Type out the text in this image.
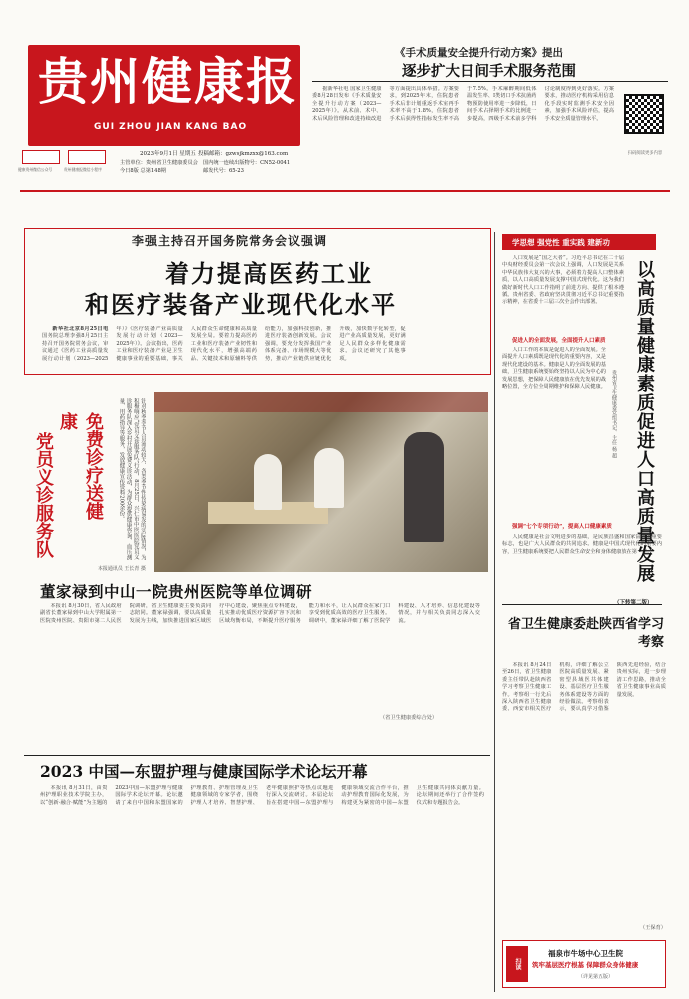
贵州健康报
GUI ZHOU JIAN KANG BAO
健康贵州微信公众号	贵州健康报微信小程序
2023年9月1日 星期五 投稿邮箱：gzwsjkmzxx@163.com
主管单位：贵州省卫生健康委员会
今日8版 总第148期
国内统一连续出版物号：CN52-0041
邮发代号：65-23
《手术质量安全提升行动方案》提出
逐步扩大日间手术服务范围

据新华社电 国家卫生健康委8月28日发布《手术质量安全提升行动方案（2023—2025年）》。从术前、术中、术后风险管理和改进持续改进等方面提出具体举措。方案要求，到2025年末，住院患者手术后非计划重返手术室再手术率不高于1.8%，住院患者手术后获得性指标发生率不高于7.5%。手术麻醉期间低体温发生率、I类切口手术抗菌药物预防使用率进一步降低，日间手术占择期手术的比例进一步提高，四级手术术前多学科讨论制度得到更好落实。方案要求，推动医疗机构采用信息化手段实时监测手术安全因素，加强手术风险评估，提高手术安全质量管理水平。

扫码阅读更多内容
李强主持召开国务院常务会议强调
着力提高医药工业
和医疗装备产业现代化水平

新华社北京8月25日电 国务院总理李强8月25日主持召开国务院常务会议，审议通过《医药工业高质量发展行动计划（2023—2025年）》《医疗装备产业高质量发展行动计划（2023—2025年）》。会议指出，医药工业和医疗装备产业是卫生健康事业的重要基础，事关人民群众生命健康和高质量发展全局。要着力提高医药工业和医疗装备产业韧性和现代化水平，增强高端药品、关键技术和原辅料等供给能力，加强科技创新，推进医疗装备创新发展。会议强调，要充分发挥我国产业体系完备、市场规模大等优势，推动产业链供应链优化升级，加快数字化转型，促进产业高质量发展，更好满足人民群众多样化健康需求。会议还研究了其他事项。

学思想 强党性 重实践 建新功

人口发展是“国之大者”。习近平总书记在二十届中央财经委员会第一次会议上强调，人口发展是关系中华民族伟大复兴的大事，必须着力提高人口整体素质，以人口高质量发展支撑中国式现代化。这为我们做好新时代人口工作指明了前进方向、提供了根本遵循。贵州省委、省政府坚决贯彻习近平总书记重要指示精神，在省委十三届三次全会作出部署。	以高质量健康素质促进人口高质量发展
贵州省卫生健康委党组书记、主任 杨 超
促进人的全面发展，全面提升人口素质

人口工作的本质是促进人的全面发展。全面提升人口素质既是现代化的重要内容，又是现代化建设的基本。健康是人的全面发展的基础，卫生健康系统要始终坚持以人民为中心的发展思想，把保障人民健康放在优先发展的战略位置，全方位全周期维护和保障人民健康。

强调“七个专项行动”，提高人口健康素质

人民健康是社会文明进步的基础，是民族昌盛和国家富强的重要标志，也是广大人民群众的共同追求。健康是中国式现代化的重要内容，卫生健康系统要把人民群众生命安全和身体健康放在第一位。

（下转第二版）
免费诊疗送健康
党员义诊服务队	针对秋季季节人员流动较大、各类季节性传染病易发的实际情况，为积极响应“党员义诊服务队”行动，8月25日，兴仁市中医医院党员义诊服务队深入乡村开展免费义诊活动，为群众提供健康咨询、血压测量、用药指导等服务，发放健康宣传资料200余份。
本报通讯员 王长青 摄
董家禄到中山一院贵州医院等单位调研

本报讯 8月30日，省人民政府副省长董家禄到中山大学附属第一医院贵州医院、贵阳市第二人民医院调研，省卫生健康委主要负责同志陪同。董家禄强调，要以高质量发展为主线，加快推进国家区域医疗中心建设，聚焦重点专科建设，扎实推动优质医疗资源扩容下沉和区域均衡布局，不断提升医疗服务能力和水平，让人民群众在家门口享受到优质高效的医疗卫生服务。调研中，董家禄详细了解了医院学科建设、人才培养、信息化建设等情况，并与相关负责同志深入交流。

（省卫生健康委综合处）
省卫生健康委赴陕西省学习考察

本报讯 8月24日至26日，省卫生健康委主任带队赴陕西省学习考察卫生健康工作。考察组一行先后深入陕西省卫生健康委、西安市相关医疗机构，详细了解公立医院高质量发展、紧密型县域医共体建设、基层医疗卫生服务体系建设等方面的经验做法。考察组表示，要认真学习借鉴陕西先进经验，结合贵州实际，进一步理清工作思路，推动全省卫生健康事业高质量发展。

（王保育）
2023 中国—东盟护理与健康国际学术论坛开幕

本报讯 8月31日，由贵州护理职业技术学院主办，以“创新·融合·赋能”为主题的2023中国—东盟护理与健康国际学术论坛开幕。论坛邀请了来自中国和东盟国家的护理教育、护理管理及卫生健康领域的专家学者，围绕护理人才培养、智慧护理、老年健康照护等热点议题进行深入交流研讨。本届论坛旨在搭建中国—东盟护理与健康领域交流合作平台，推动护理教育国际化发展，为构建更为紧密的中国—东盟卫生健康共同体贡献力量。论坛期间还举行了合作签约仪式和专题报告会。

扫读
福泉市牛场中心卫生院
筑牢基层医疗根基 保障群众身体健康
（详见第五版）
